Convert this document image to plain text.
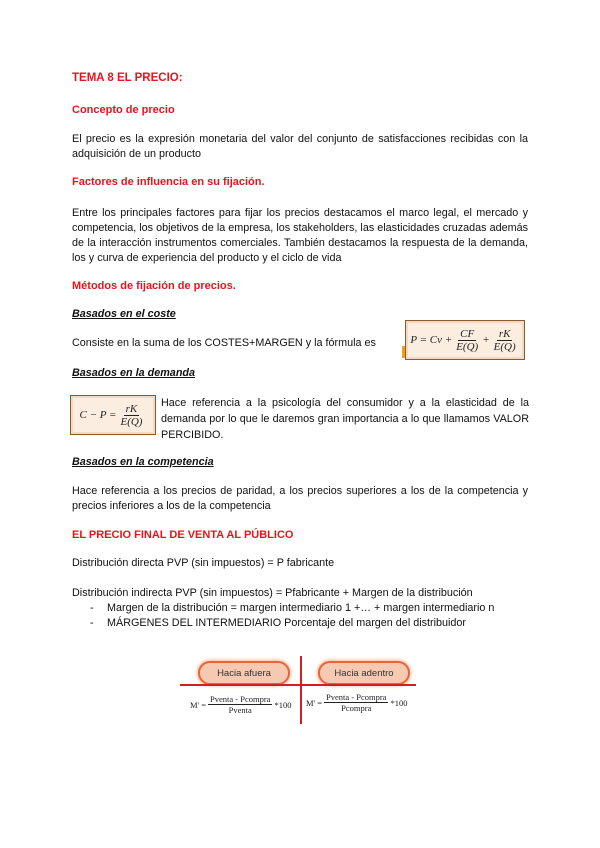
TEMA 8 EL PRECIO:
Concepto de precio
El precio es la expresión monetaria del valor del conjunto de satisfacciones recibidas con la adquisición de un producto
Factores de influencia en su fijación.
Entre los principales factores para fijar los precios destacamos el marco legal, el mercado y competencia, los objetivos de la empresa, los stakeholders, las elasticidades cruzadas además de la interacción instrumentos comerciales. También destacamos la respuesta de la demanda, los y curva de experiencia del producto y el ciclo de vida
Métodos de fijación de precios.
Basados en el coste
Consiste en la suma de los COSTES+MARGEN y la fórmula es	$P = Cv + \frac{CF}{E(Q)} + \frac{rK}{E(Q)}$
Basados en la demanda
$C - P = \frac{rK}{E(Q)}$ Hace referencia a la psicología del consumidor y a la elasticidad de la demanda por lo que le daremos gran importancia a lo que llamamos VALOR PERCIBIDO.
Basados en la competencia
Hace referencia a los precios de paridad, a los precios superiores a los de la competencia y precios inferiores a los de la competencia
EL PRECIO FINAL DE VENTA AL PÚBLICO
Distribución directa PVP (sin impuestos) = P fabricante
Distribución indirecta PVP (sin impuestos) = Pfabricante + Margen de la distribución
- Margen de la distribución = margen intermediario 1 +… + margen intermediario n
- MÁRGENES DEL INTERMEDIARIO Porcentaje del margen del distribuidor
Hacia afuera	Hacia adentro
$M' = \frac{\text{Pventa - Pcompra}}{\text{Pventa}} *100$ $M' = \frac{\text{Pventa - Pcompra}}{\text{Pcompra}} *100$
